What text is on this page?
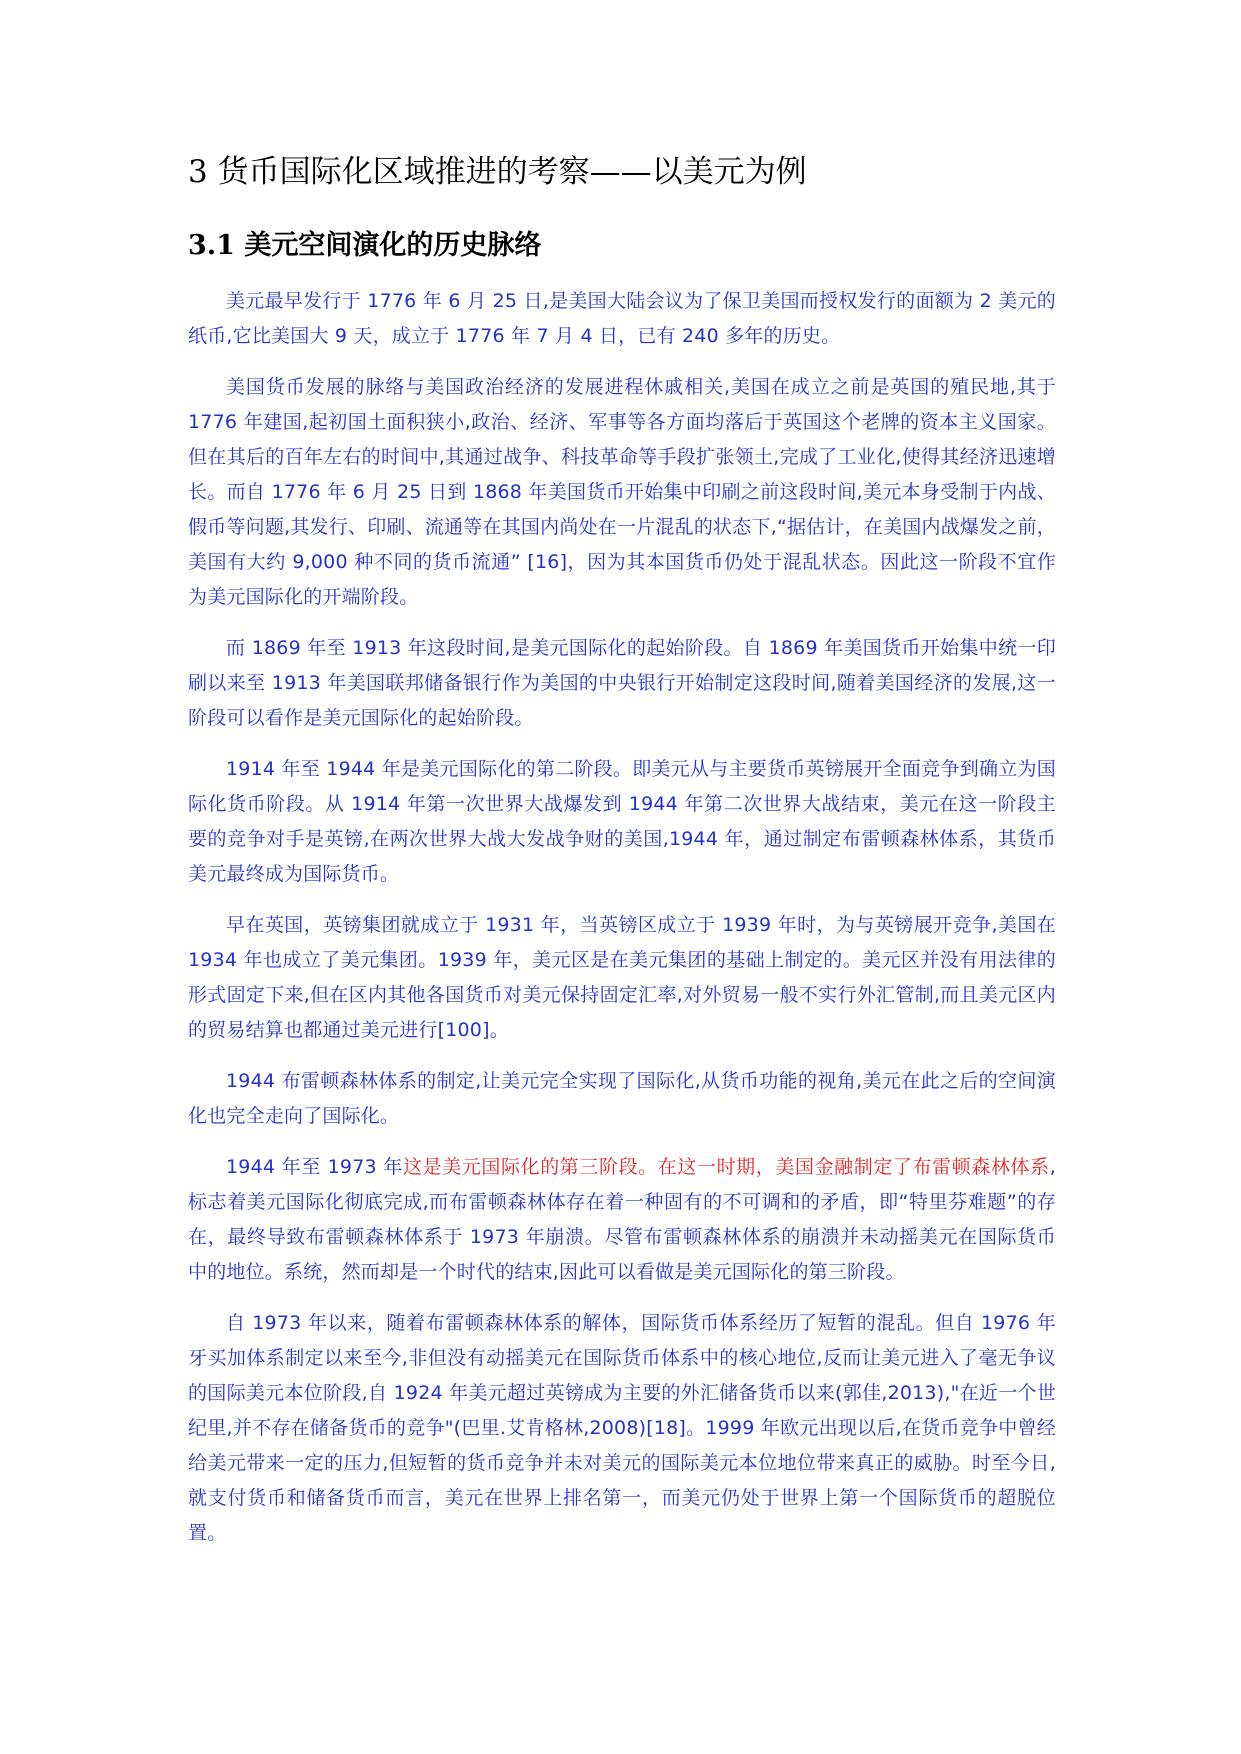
3 货币国际化区域推进的考察——以美元为例
3.1 美元空间演化的历史脉络

美元最早发行于 1776 年 6 月 25 日,是美国大陆会议为了保卫美国而授权发行的面额为 2 美元的纸币,它比美国大 9 天，成立于 1776 年 7 月 4 日，已有 240 多年的历史。

美国货币发展的脉络与美国政治经济的发展进程休戚相关,美国在成立之前是英国的殖民地,其于 1776 年建国,起初国土面积狭小,政治、经济、军事等各方面均落后于英国这个老牌的资本主义国家。但在其后的百年左右的时间中,其通过战争、科技革命等手段扩张领土,完成了工业化,使得其经济迅速增长。而自 1776 年 6 月 25 日到 1868 年美国货币开始集中印刷之前这段时间,美元本身受制于内战、假币等问题,其发行、印刷、流通等在其国内尚处在一片混乱的状态下,“据估计，在美国内战爆发之前，美国有大约 9,000 种不同的货币流通” [16]，因为其本国货币仍处于混乱状态。因此这一阶段不宜作为美元国际化的开端阶段。

而 1869 年至 1913 年这段时间,是美元国际化的起始阶段。自 1869 年美国货币开始集中统一印刷以来至 1913 年美国联邦储备银行作为美国的中央银行开始制定这段时间,随着美国经济的发展,这一阶段可以看作是美元国际化的起始阶段。

1914 年至 1944 年是美元国际化的第二阶段。即美元从与主要货币英镑展开全面竞争到确立为国际化货币阶段。从 1914 年第一次世界大战爆发到 1944 年第二次世界大战结束，美元在这一阶段主要的竞争对手是英镑,在两次世界大战大发战争财的美国,1944 年，通过制定布雷顿森林体系，其货币美元最终成为国际货币。

早在英国，英镑集团就成立于 1931 年，当英镑区成立于 1939 年时，为与英镑展开竞争,美国在 1934 年也成立了美元集团。1939 年，美元区是在美元集团的基础上制定的。美元区并没有用法律的形式固定下来,但在区内其他各国货币对美元保持固定汇率,对外贸易一般不实行外汇管制,而且美元区内的贸易结算也都通过美元进行[100]。

1944 布雷顿森林体系的制定,让美元完全实现了国际化,从货币功能的视角,美元在此之后的空间演化也完全走向了国际化。

1944 年至 1973 年这是美元国际化的第三阶段。在这一时期，美国金融制定了布雷顿森林体系,标志着美元国际化彻底完成,而布雷顿森林体存在着一种固有的不可调和的矛盾，即“特里芬难题”的存在，最终导致布雷顿森林体系于 1973 年崩溃。尽管布雷顿森林体系的崩溃并未动摇美元在国际货币中的地位。系统，然而却是一个时代的结束,因此可以看做是美元国际化的第三阶段。

自 1973 年以来，随着布雷顿森林体系的解体，国际货币体系经历了短暂的混乱。但自 1976 年牙买加体系制定以来至今,非但没有动摇美元在国际货币体系中的核心地位,反而让美元进入了毫无争议的国际美元本位阶段,自 1924 年美元超过英镑成为主要的外汇储备货币以来(郭佳,2013),"在近一个世纪里,并不存在储备货币的竞争"(巴里.艾肯格林,2008)[18]。1999 年欧元出现以后,在货币竞争中曾经给美元带来一定的压力,但短暂的货币竞争并未对美元的国际美元本位地位带来真正的威胁。时至今日,就支付货币和储备货币而言，美元在世界上排名第一，而美元仍处于世界上第一个国际货币的超脱位置。
